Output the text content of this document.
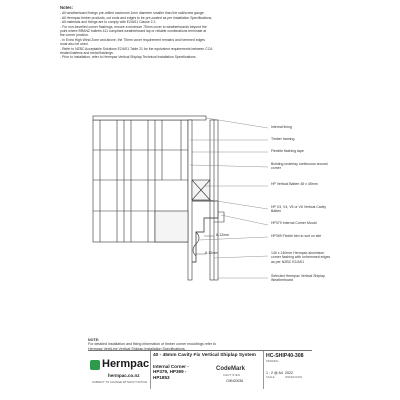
Notes:

- All weatherboard fixings pre-drilled maximum 1mm diameter smaller than the nail/screw gauge.

- All Hermpac timber products, cut ends and edges to be pre-coated as per Installation Specifications.

- All materials and fixings are to comply with E2/AS1 Clause 2.2.

- For non-bevelled corner flashings, ensure a minimum 75mm cover to weatherboards beyond the

point where BRANZ bulletin 411 compliant weatherboard lap or reliable combinations terminate at

the corner junction.

- In Extra High Wind Zone and above, the 75mm cover requirement remains and hemmed edges

must also be used.

- Refer to NZBC Acceptable Solutions E2/AS1 Table 21 for the equivalent requirements between CCA

treated battens and metal flashings.

- Prior to installation, refer to Hermpac Vertical Shiplap Technical Installation Specifications.

Internal lining
Timber framing
Flexible flashing tape
Building underlay continuous around corner
HP Vertical Batten 45 x 45mm
HP V3, V4, V5 or V6 Vertical Cavity Batten
HP379 Internal Corner Mould
HP399 Flexibl trim to suit on site
140 x 140mm Hermpac aluminium corner flashing with unhemmed edges as per NZBC E2/AS1
Selected Hermpac Vertical Shiplap Weatherboard
8-12mm
8-12mm
NOTE:
For detailed installation and fixing information of timber corner mouldings refer to
Hermpac VertiLine Vertical Shiplap Installation Specifications.
Hermpac
hermpac.co.nz
SUBJECT TO CHANGE WITHOUT NOTICE
40 - 45mm Cavity Fix Vertical Shiplap System
Internal Corner -
HP379, HP399 -
HP1853
CodeMark
CERTIFIED
CMN20036
HC-SHIP40-308
DRAWING
1 : 2 @ A4 2022
SCALE	ISSUED DATE
